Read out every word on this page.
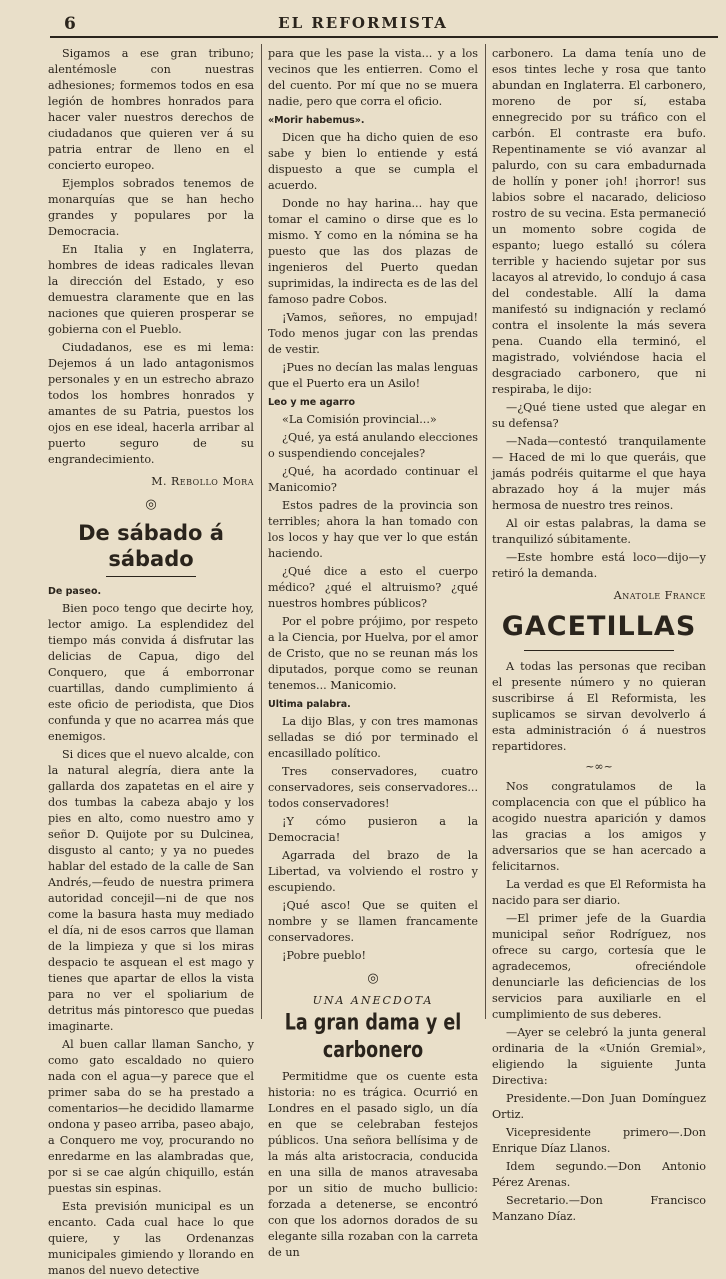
6	EL REFORMISTA

Sigamos a ese gran tribuno; alentémosle con nuestras adhesiones; formemos todos en esa legión de hombres honrados para hacer valer nuestros derechos de ciudadanos que quieren ver á su patria entrar de lleno en el concierto europeo.

Ejemplos sobrados tenemos de monarquías que se han hecho grandes y populares por la Democracia.

En Italia y en Inglaterra, hombres de ideas radicales llevan la dirección del Estado, y eso demuestra claramente que en las naciones que quieren prosperar se gobierna con el Pueblo.

Ciudadanos, ese es mi lema: Dejemos á un lado antagonismos personales y en un estrecho abrazo todos los hombres honrados y amantes de su Patria, puestos los ojos en ese ideal, hacerla arribar al puerto seguro de su engrandecimiento.

M. Rebollo Mora
◎
De sábado á sábado
De paseo.

Bien poco tengo que decirte hoy, lector amigo. La esplendidez del tiempo más convida á disfrutar las delicias de Capua, digo del Conquero, que á emborronar cuartillas, dando cumplimiento á este oficio de periodista, que Dios confunda y que no acarrea más que enemigos.

Si dices que el nuevo alcalde, con la natural alegría, diera ante la gallarda dos zapatetas en el aire y dos tumbas la cabeza abajo y los pies en alto, como nuestro amo y señor D. Quijote por su Dulcinea, disgusto al canto; y ya no puedes hablar del estado de la calle de San Andrés,—feudo de nuestra primera autoridad concejil—ni de que nos come la basura hasta muy mediado el día, ni de esos carros que llaman de la limpieza y que si los miras despacio te asquean el est mago y tienes que apartar de ellos la vista para no ver el spoliarium de detritus más pintoresco que puedas imaginarte.

Al buen callar llaman Sancho, y como gato escaldado no quiero nada con el agua—y parece que el primer saba do se ha prestado a comentarios—he decidido llamarme ondona y paseo arriba, paseo abajo, a Conquero me voy, procurando no enredarme en las alambradas que, por si se cae algún chiquillo, están puestas sin espinas.

Esta previsión municipal es un encanto. Cada cual hace lo que quiere, y las Ordenanzas municipales gimiendo y llorando en manos del nuevo detective

para que les pase la vista... y a los vecinos que les entierren. Como el del cuento. Por mí que no se muera nadie, pero que corra el oficio.

«Morir habemus».

Dicen que ha dicho quien de eso sabe y bien lo entiende y está dispuesto a que se cumpla el acuerdo.

Donde no hay harina... hay que tomar el camino o dirse que es lo mismo. Y como en la nómina se ha puesto que las dos plazas de ingenieros del Puerto quedan suprimidas, la indirecta es de las del famoso padre Cobos.

¡Vamos, señores, no empujad! Todo menos jugar con las prendas de vestir.

¡Pues no decían las malas lenguas que el Puerto era un Asilo!

Leo y me agarro

«La Comisión provincial...»

¿Qué, ya está anulando elecciones o suspendiendo concejales?

¿Qué, ha acordado continuar el Manicomio?

Estos padres de la provincia son terribles; ahora la han tomado con los locos y hay que ver lo que están haciendo.

¿Qué dice a esto el cuerpo médico? ¿qué el altruismo? ¿qué nuestros hombres públicos?

Por el pobre prójimo, por respeto a la Ciencia, por Huelva, por el amor de Cristo, que no se reunan más los diputados, porque como se reunan tenemos... Manicomio.

Ultima palabra.

La dijo Blas, y con tres mamonas selladas se dió por terminado el encasillado político.

Tres conservadores, cuatro conservadores, seis conservadores... todos conservadores!

¡Y cómo pusieron a la Democracia!

Agarrada del brazo de la Libertad, va volviendo el rostro y escupiendo.

¡Qué asco! Que se quiten el nombre y se llamen francamente conservadores.

¡Pobre pueblo!

◎
UNA ANECDOTA
La gran dama y el carbonero

Permitidme que os cuente esta historia: no es trágica. Ocurrió en Londres en el pasado siglo, un día en que se celebraban festejos públicos. Una señora bellísima y de la más alta aristocracia, conducida en una silla de manos atravesaba por un sitio de mucho bullicio: forzada a detenerse, se encontró con que los adornos dorados de su elegante silla rozaban con la carreta de un

carbonero. La dama tenía uno de esos tintes leche y rosa que tanto abundan en Inglaterra. El carbonero, moreno de por sí, estaba ennegrecido por su tráfico con el carbón. El contraste era bufo. Repentinamente se vió avanzar al palurdo, con su cara embadurnada de hollín y poner ¡oh! ¡horror! sus labios sobre el nacarado, delicioso rostro de su vecina. Esta permaneció un momento sobre cogida de espanto; luego estalló su cólera terrible y haciendo sujetar por sus lacayos al atrevido, lo condujo á casa del condestable. Allí la dama manifestó su indignación y reclamó contra el insolente la más severa pena. Cuando ella terminó, el magistrado, volviéndose hacia el desgraciado carbonero, que ni respiraba, le dijo:

—¿Qué tiene usted que alegar en su defensa?

—Nada—contestó tranquilamente— Haced de mi lo que queráis, que jamás podréis quitarme el que haya abrazado hoy á la mujer más hermosa de nuestro tres reinos.

Al oir estas palabras, la dama se tranquilizó súbitamente.

—Este hombre está loco—dijo—y retiró la demanda.

Anatole France
GACETILLAS

A todas las personas que reciban el presente número y no quieran suscribirse á El Reformista, les suplicamos se sirvan devolverlo á esta administración ó á nuestros repartidores.

~∞~

Nos congratulamos de la complacencia con que el público ha acogido nuestra aparición y damos las gracias a los amigos y adversarios que se han acercado a felicitarnos.

La verdad es que El Reformista ha nacido para ser diario.

—El primer jefe de la Guardia municipal señor Rodríguez, nos ofrece su cargo, cortesía que le agradecemos, ofreciéndole denunciarle las deficiencias de los servicios para auxiliarle en el cumplimiento de sus deberes.

—Ayer se celebró la junta general ordinaria de la «Unión Gremial», eligiendo la siguiente Junta Directiva:

Presidente.—Don Juan Domínguez Ortiz.

Vicepresidente primero—.Don Enrique Díaz Llanos.

Idem segundo.—Don Antonio Pérez Arenas.

Secretario.—Don Francisco Manzano Díaz.
